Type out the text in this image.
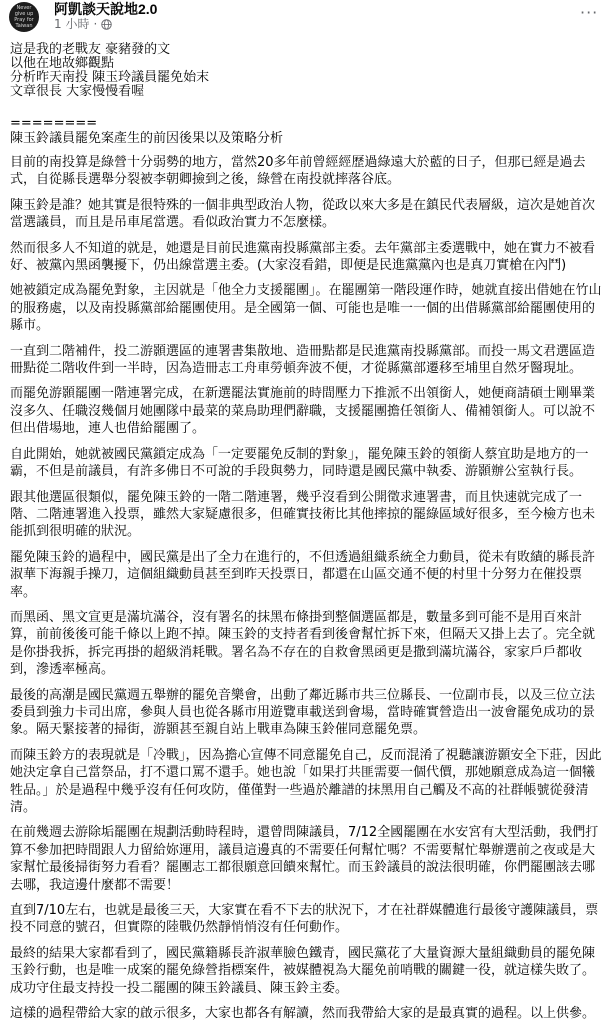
Never give up Pray for Taiwan
阿凱談天說地2.0
1 小時 ·
···

這是我的老戰友 豪豬發的文

以他在地故鄉觀點

分析昨天南投 陳玉玲議員罷免始末

文章很長 大家慢慢看喔

========

陳玉鈴議員罷免案產生的前因後果以及策略分析

目前的南投算是綠營十分弱勢的地方，當然20多年前曾經經歷過綠遠大於藍的日子，但那已經是過去式，自從縣長選舉分裂被李朝卿撿到之後，綠營在南投就摔落谷底。

陳玉鈴是誰？她其實是很特殊的一個非典型政治人物，從政以來大多是在鎮民代表層級，這次是她首次當選議員，而且是吊車尾當選。看似政治實力不怎麼樣。

然而很多人不知道的就是，她還是目前民進黨南投縣黨部主委。去年黨部主委選戰中，她在實力不被看好、被黨內黑函襲擾下，仍出線當選主委。(大家沒看錯，即便是民進黨黨內也是真刀實槍在內鬥)

她被鎖定成為罷免對象，主因就是「他全力支援罷團」。在罷團第一階段運作時，她就直接出借她在竹山的服務處，以及南投縣黨部給罷團使用。是全國第一個、可能也是唯一一個的出借縣黨部給罷團使用的縣市。

一直到二階補件，投二游顥選區的連署書集散地、造冊點都是民進黨南投縣黨部。而投一馬文君選區造冊點從二階收件到一半時，因為造冊志工舟車勞頓奔波不便，才從縣黨部遷移至埔里自然牙醫現址。

而罷免游顥罷團一階連署完成，在新選罷法實施前的時間壓力下推派不出領銜人，她便商請碩士剛畢業沒多久、任職沒幾個月她團隊中最菜的菜鳥助理們辭職，支援罷團擔任領銜人、備補領銜人。可以說不但出借場地，連人也借給罷團了。

自此開始，她就被國民黨鎖定成為「一定要罷免反制的對象」，罷免陳玉鈴的領銜人蔡宜助是地方的一霸，不但是前議員，有許多佛日不可說的手段與勢力，同時還是國民黨中執委、游顥辦公室執行長。

跟其他選區很類似，罷免陳玉鈴的一階二階連署，幾乎沒看到公開徵求連署書，而且快速就完成了一階、二階連署進入投票，雖然大家疑慮很多，但確實技術比其他摔掠的罷綠區域好很多，至今檢方也未能抓到很明確的狀況。

罷免陳玉鈴的過程中，國民黨是出了全力在進行的，不但透過組織系統全力動員，從未有敗績的縣長許淑華下海親手操刀，這個組織動員甚至到昨天投票日，都還在山區交通不便的村里十分努力在催投票率。

而黑函、黑文宣更是滿坑滿谷，沒有署名的抹黑布條掛到整個選區都是，數量多到可能不是用百來計算，前前後後可能千條以上跑不掉。陳玉鈴的支持者看到後會幫忙拆下來，但隔天又掛上去了。完全就是你掛我拆，拆完再掛的超級消耗戰。署名為不存在的自救會黑函更是撒到滿坑滿谷，家家戶戶都收到，滲透率極高。

最後的高潮是國民黨週五舉辦的罷免音樂會，出動了鄰近縣市共三位縣長、一位副市長，以及三位立法委員到強力卡司出席，參與人員也從各縣市用遊覽車載送到會場，當時確實營造出一波會罷免成功的景象。隔天緊接著的掃街，游顥甚至親自站上戰車為陳玉鈴催同意罷免票。

而陳玉鈴方的表現就是「冷戰」，因為擔心宣傳不同意罷免自己，反而混淆了視聽讓游顥安全下莊，因此她決定拿自己當祭品，打不還口罵不還手。她也說「如果打共匪需要一個代價，那她願意成為這一個犧牲品。」於是過程中幾乎沒有任何攻防，僅僅對一些過於離譜的抹黑用自己觸及不高的社群帳號從發清清。

在前幾週去游除垢罷團在規劃活動時程時，還曾問陳議員，7/12全國罷團在水安宮有大型活動，我們打算不參加把時間跟人力留給妳運用，議員這邊真的不需要任何幫忙嗎？不需要幫忙舉辦選前之夜或是大家幫忙最後掃街努力看看？罷團志工都很願意回饋來幫忙。而玉鈴議員的說法很明確，你們罷團該去哪去哪，我這邊什麼都不需要！

直到7/10左右，也就是最後三天，大家實在看不下去的狀況下，才在社群媒體進行最後守護陳議員，票投不同意的號召，但實際的陸戰仍然靜悄悄沒有任何動作。

最終的結果大家都看到了，國民黨籍縣長許淑華臉色鐵青，國民黨花了大量資源大量組織動員的罷免陳玉鈴行動，也是唯一成案的罷免綠營指標案件，被媒體視為大罷免前哨戰的關鍵一役，就這樣失敗了。成功守住最支持投一投二罷團的陳玉鈴議員、陳玉鈴主委。

這樣的過程帶給大家的啟示很多，大家也都各有解讀，然而我帶給大家的是最真實的過程。以上供參。
